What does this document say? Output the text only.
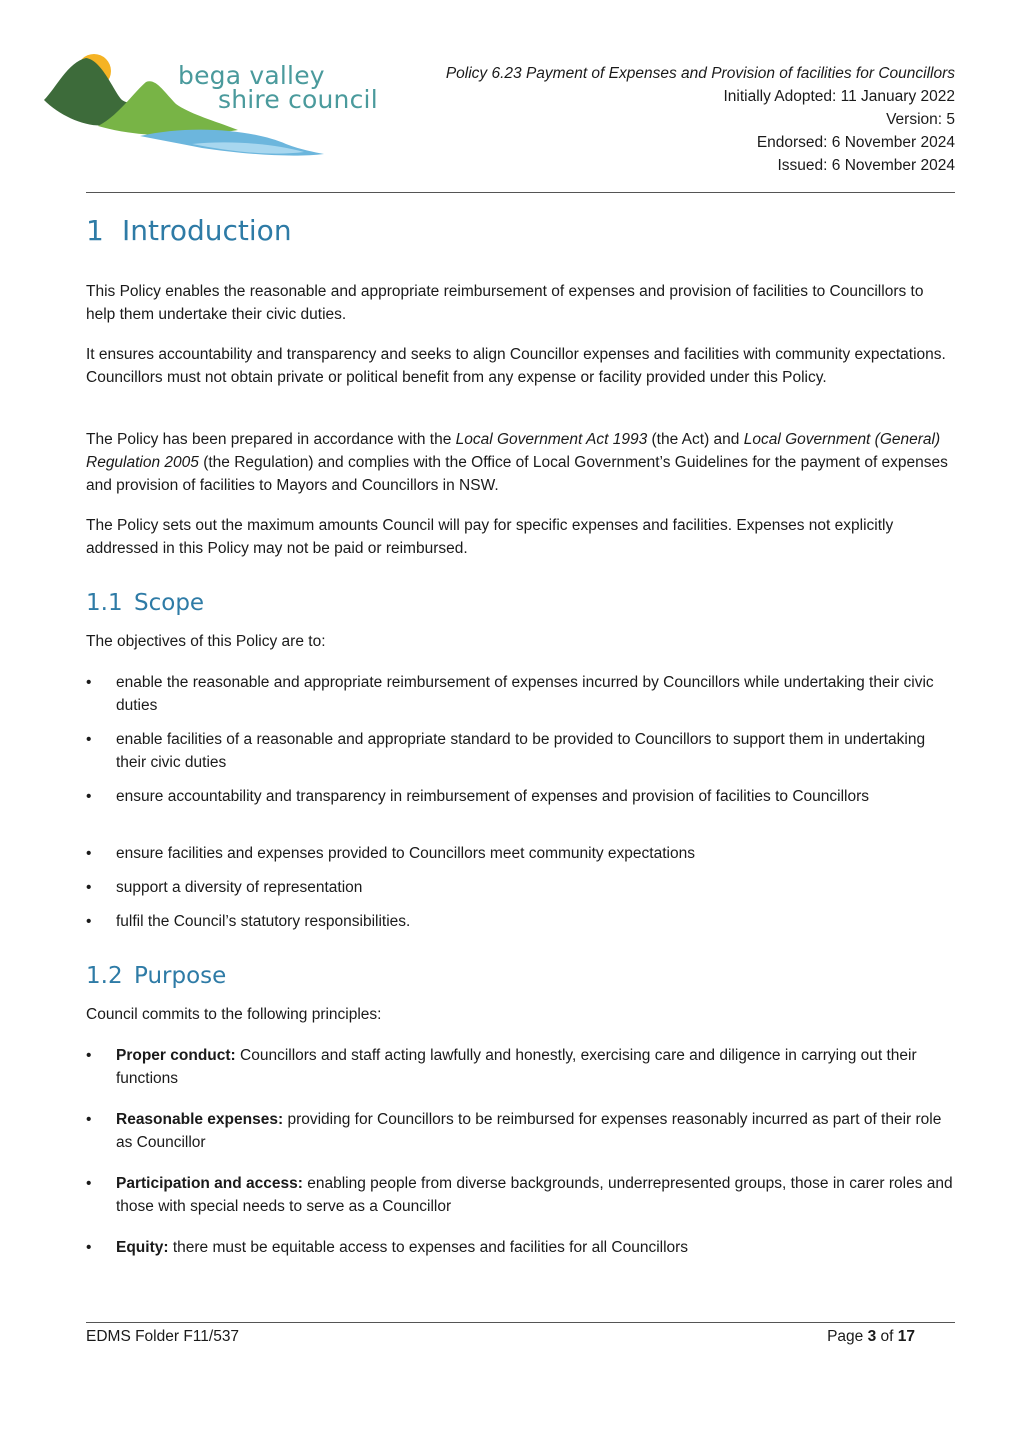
bega valley
shire council
Policy 6.23 Payment of Expenses and Provision of facilities for Councillors
Initially Adopted: 11 January 2022
Version: 5
Endorsed: 6 November 2024
Issued: 6 November 2024
1 Introduction

This Policy enables the reasonable and appropriate reimbursement of expenses and provision of facilities to Councillors to help them undertake their civic duties.

It ensures accountability and transparency and seeks to align Councillor expenses and facilities with community expectations. Councillors must not obtain private or political benefit from any expense or facility provided under this Policy.

The Policy has been prepared in accordance with the Local Government Act 1993 (the Act) and Local Government (General) Regulation 2005 (the Regulation) and complies with the Office of Local Government’s Guidelines for the payment of expenses and provision of facilities to Mayors and Councillors in NSW.

The Policy sets out the maximum amounts Council will pay for specific expenses and facilities. Expenses not explicitly addressed in this Policy may not be paid or reimbursed.

1.1 Scope

The objectives of this Policy are to:

• enable the reasonable and appropriate reimbursement of expenses incurred by Councillors while undertaking their civic duties
• enable facilities of a reasonable and appropriate standard to be provided to Councillors to support them in undertaking their civic duties
• ensure accountability and transparency in reimbursement of expenses and provision of facilities to Councillors
• ensure facilities and expenses provided to Councillors meet community expectations
• support a diversity of representation
• fulfil the Council’s statutory responsibilities.
1.2 Purpose

Council commits to the following principles:

• Proper conduct: Councillors and staff acting lawfully and honestly, exercising care and diligence in carrying out their functions
• Reasonable expenses: providing for Councillors to be reimbursed for expenses reasonably incurred as part of their role as Councillor
• Participation and access: enabling people from diverse backgrounds, underrepresented groups, those in carer roles and those with special needs to serve as a Councillor
• Equity: there must be equitable access to expenses and facilities for all Councillors
EDMS Folder F11/537	Page 3 of 17
